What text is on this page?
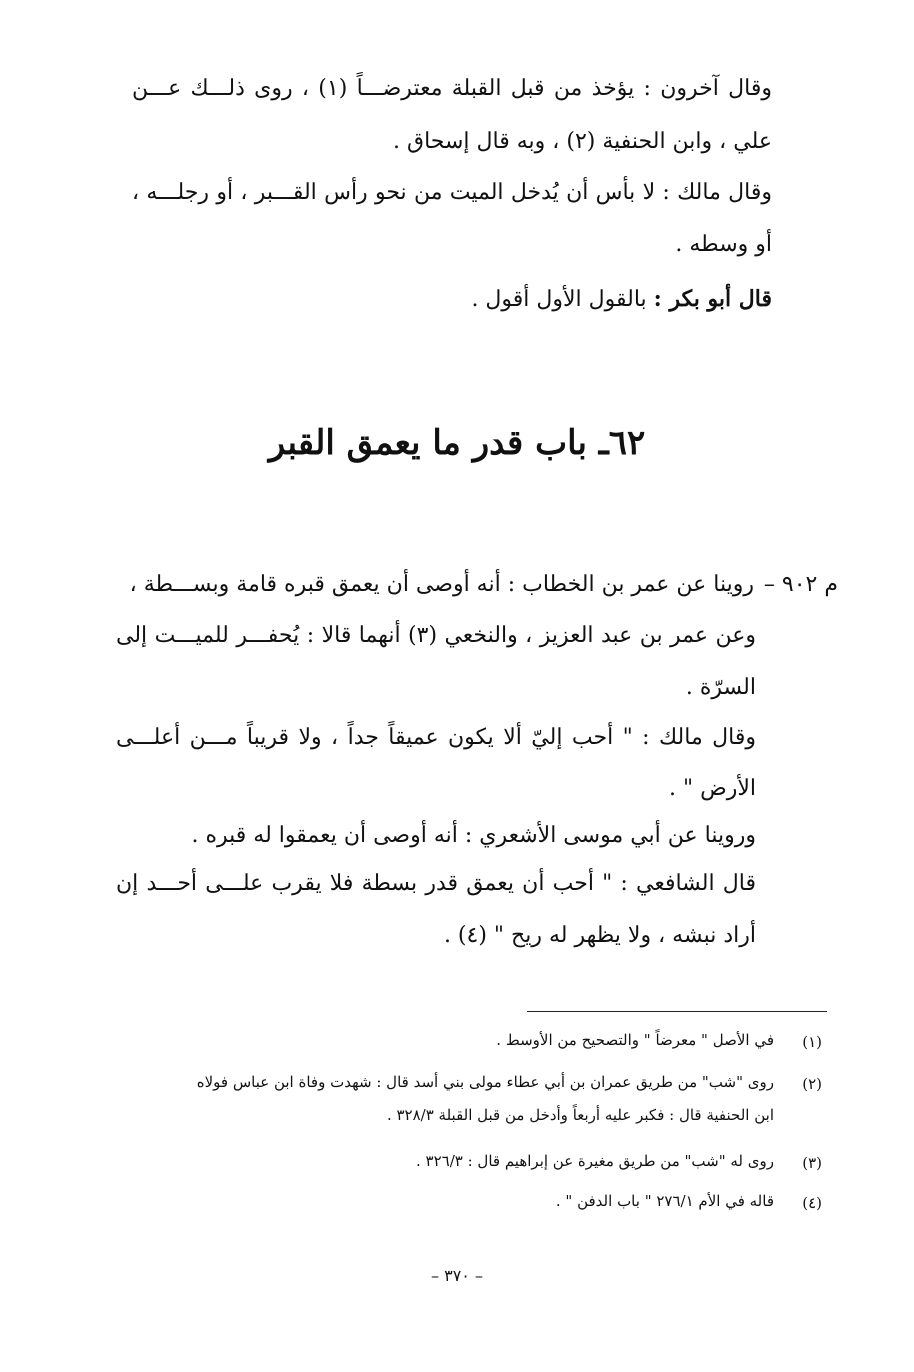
وقال آخرون : يؤخذ من قبل القبلة معترضـــاً (١) ، روى ذلـــك عـــن
علي ، وابن الحنفية (٢) ، وبه قال إسحاق .
وقال مالك : لا بأس أن يُدخل الميت من نحو رأس القـــبر ، أو رجلـــه ،
أو وسطه .
قال أبو بكر : بالقول الأول أقول .
٦٢ـ باب قدر ما يعمق القبر
م ٩٠٢ –
روينا عن عمر بن الخطاب : أنه أوصى أن يعمق قبره قامة وبســـطة ،
وعن عمر بن عبد العزيز ، والنخعي (٣) أنهما قالا : يُحفـــر للميـــت إلى
السرّة .
وقال مالك : " أحب إليّ ألا يكون عميقاً جداً ، ولا قريباً مـــن أعلـــى
الأرض " .
وروينا عن أبي موسى الأشعري : أنه أوصى أن يعمقوا له قبره .
قال الشافعي : " أحب أن يعمق قدر بسطة فلا يقرب علـــى أحـــد إن
أراد نبشه ، ولا يظهر له ريح " (٤) .
(١)
في الأصل " معرضاً " والتصحيح من الأوسط .
(٢)
روى "شب" من طريق عمران بن أبي عطاء مولى بني أسد قال : شهدت وفاة ابن عباس فولاه
ابن الحنفية قال : فكبر عليه أربعاً وأدخل من قبل القبلة ٣٢٨/٣ .
(٣)
روى له "شب" من طريق مغيرة عن إبراهيم قال : ٣٢٦/٣ .
(٤)
قاله في الأم ٢٧٦/١ " باب الدفن " .
– ٣٧٠ –
